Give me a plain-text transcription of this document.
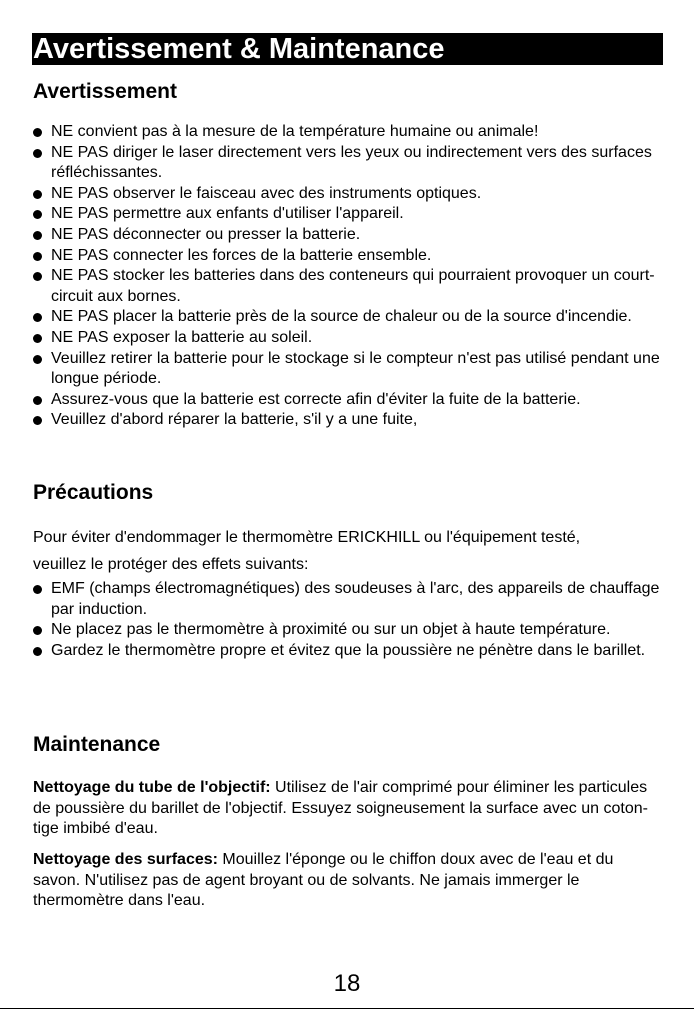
Avertissement & Maintenance
Avertissement
NE convient pas à la mesure de la température humaine ou animale!
NE PAS diriger le laser directement vers les yeux ou indirectement vers des surfaces réfléchissantes.
NE PAS observer le faisceau avec des instruments optiques.
NE PAS permettre aux enfants d'utiliser l'appareil.
NE PAS déconnecter ou presser la batterie.
NE PAS connecter les forces de la batterie ensemble.
NE PAS stocker les batteries dans des conteneurs qui pourraient provoquer un court-circuit aux bornes.
NE PAS placer la batterie près de la source de chaleur ou de la source d'incendie.
NE PAS exposer la batterie au soleil.
Veuillez retirer la batterie pour le stockage si le compteur n'est pas utilisé pendant une longue période.
Assurez-vous que la batterie est correcte afin d'éviter la fuite de la batterie.
Veuillez d'abord réparer la batterie, s'il y a une fuite,
Précautions
Pour éviter d'endommager le thermomètre ERICKHILL ou l'équipement testé,
veuillez le protéger des effets suivants:
EMF (champs électromagnétiques) des soudeuses à l'arc, des appareils de chauffage par induction.
Ne placez pas le thermomètre à proximité ou sur un objet à haute température.
Gardez le thermomètre propre et évitez que la poussière ne pénètre dans le barillet.
Maintenance

Nettoyage du tube de l'objectif: Utilisez de l'air comprimé pour éliminer les particules de poussière du barillet de l'objectif. Essuyez soigneusement la surface avec un coton-tige imbibé d'eau.

Nettoyage des surfaces: Mouillez l'éponge ou le chiffon doux avec de l'eau et du savon. N'utilisez pas de agent broyant ou de solvants. Ne jamais immerger le thermomètre dans l'eau.

18
